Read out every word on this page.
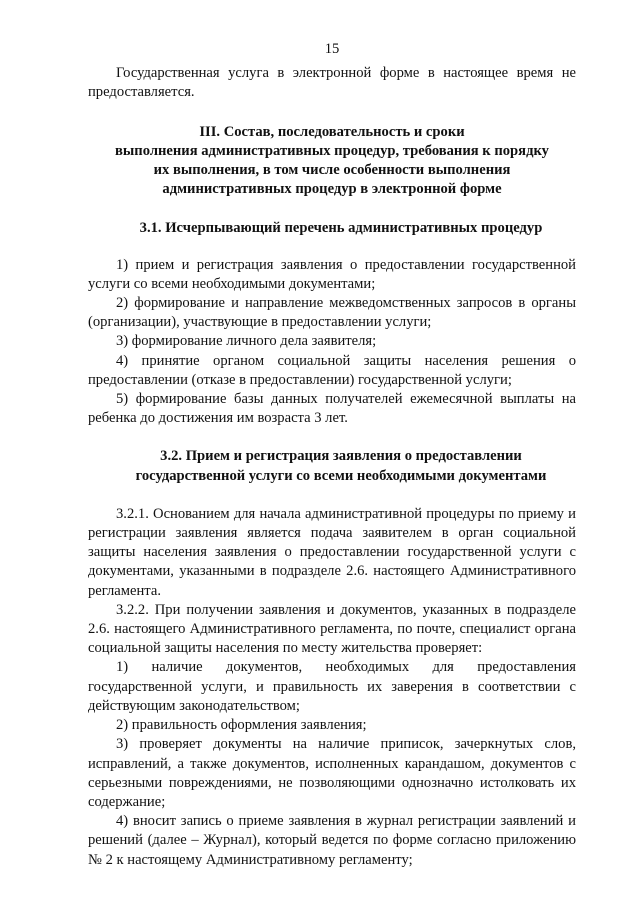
15

Государственная услуга в электронной форме в настоящее время не предоставляется.

III. Состав, последовательность и сроки
выполнения административных процедур, требования к порядку
их выполнения, в том числе особенности выполнения
административных процедур в электронной форме
3.1. Исчерпывающий перечень административных процедур

1) прием и регистрация заявления о предоставлении государственной услуги со всеми необходимыми документами;

2) формирование и направление межведомственных запросов в органы (организации), участвующие в предоставлении услуги;

3) формирование личного дела заявителя;

4) принятие органом социальной защиты населения решения о предоставлении (отказе в предоставлении) государственной услуги;

5) формирование базы данных получателей ежемесячной выплаты на ребенка до достижения им возраста 3 лет.

3.2. Прием и регистрация заявления о предоставлении
государственной услуги со всеми необходимыми документами

3.2.1. Основанием для начала административной процедуры по приему и регистрации заявления является подача заявителем в орган социальной защиты населения заявления о предоставлении государственной услуги с документами, указанными в подразделе 2.6. настоящего Административного регламента.

3.2.2. При получении заявления и документов, указанных в подразделе 2.6. настоящего Административного регламента, по почте, специалист органа социальной защиты населения по месту жительства проверяет:

1) наличие документов, необходимых для предоставления государственной услуги, и правильность их заверения в соответствии с действующим законодательством;

2) правильность оформления заявления;

3) проверяет документы на наличие приписок, зачеркнутых слов, исправлений, а также документов, исполненных карандашом, документов с серьезными повреждениями, не позволяющими однозначно истолковать их содержание;

4) вносит запись о приеме заявления в журнал регистрации заявлений и решений (далее – Журнал), который ведется по форме согласно приложению № 2 к настоящему Административному регламенту;
